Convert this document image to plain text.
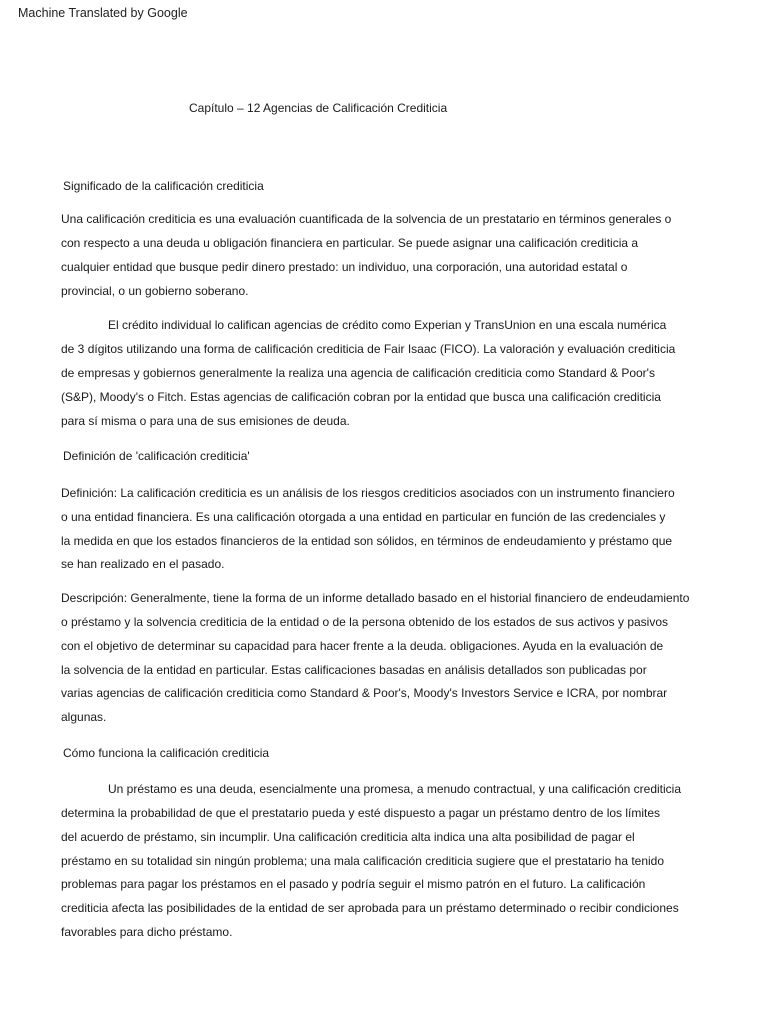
Machine Translated by Google
Capítulo – 12 Agencias de Calificación Crediticia
Significado de la calificación crediticia
Una calificación crediticia es una evaluación cuantificada de la solvencia de un prestatario en términos generales o
con respecto a una deuda u obligación financiera en particular. Se puede asignar una calificación crediticia a
cualquier entidad que busque pedir dinero prestado: un individuo, una corporación, una autoridad estatal o
provincial, o un gobierno soberano.
El crédito individual lo califican agencias de crédito como Experian y TransUnion en una escala numérica
de 3 dígitos utilizando una forma de calificación crediticia de Fair Isaac (FICO). La valoración y evaluación crediticia
de empresas y gobiernos generalmente la realiza una agencia de calificación crediticia como Standard & Poor's
(S&P), Moody's o Fitch. Estas agencias de calificación cobran por la entidad que busca una calificación crediticia
para sí misma o para una de sus emisiones de deuda.
Definición de 'calificación crediticia'
Definición: La calificación crediticia es un análisis de los riesgos crediticios asociados con un instrumento financiero
o una entidad financiera. Es una calificación otorgada a una entidad en particular en función de las credenciales y
la medida en que los estados financieros de la entidad son sólidos, en términos de endeudamiento y préstamo que
se han realizado en el pasado.
Descripción: Generalmente, tiene la forma de un informe detallado basado en el historial financiero de endeudamiento
o préstamo y la solvencia crediticia de la entidad o de la persona obtenido de los estados de sus activos y pasivos
con el objetivo de determinar su capacidad para hacer frente a la deuda. obligaciones. Ayuda en la evaluación de
la solvencia de la entidad en particular. Estas calificaciones basadas en análisis detallados son publicadas por
varias agencias de calificación crediticia como Standard & Poor's, Moody's Investors Service e ICRA, por nombrar
algunas.
Cómo funciona la calificación crediticia
Un préstamo es una deuda, esencialmente una promesa, a menudo contractual, y una calificación crediticia
determina la probabilidad de que el prestatario pueda y esté dispuesto a pagar un préstamo dentro de los límites
del acuerdo de préstamo, sin incumplir. Una calificación crediticia alta indica una alta posibilidad de pagar el
préstamo en su totalidad sin ningún problema; una mala calificación crediticia sugiere que el prestatario ha tenido
problemas para pagar los préstamos en el pasado y podría seguir el mismo patrón en el futuro. La calificación
crediticia afecta las posibilidades de la entidad de ser aprobada para un préstamo determinado o recibir condiciones
favorables para dicho préstamo.
